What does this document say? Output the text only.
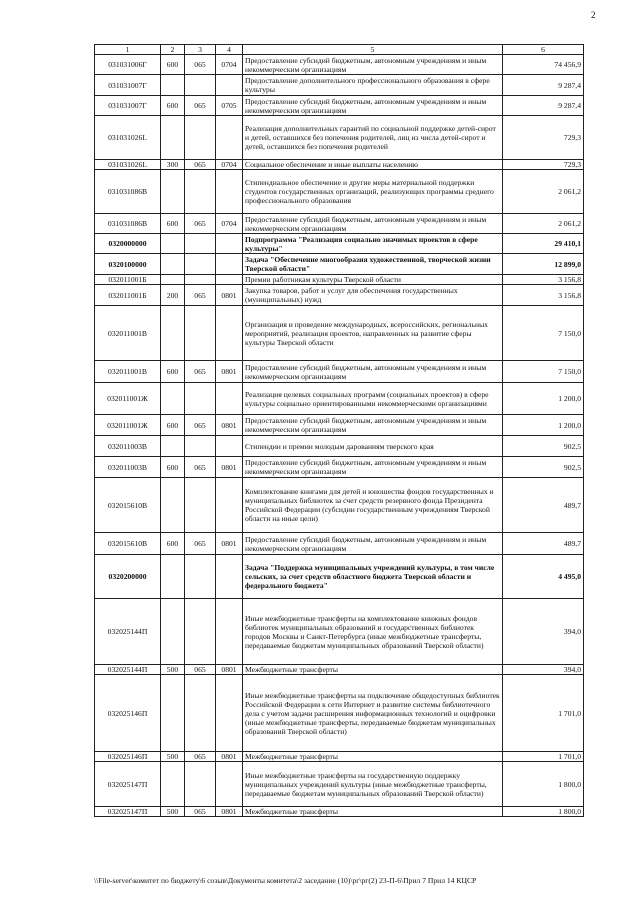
2
1	2	3	4	5	6
031031006Г	600	065	0704	Предоставление субсидий бюджетным, автономным учреждениям и иным некоммерческим организациям	74 456,9
031031007Г				Предоставление дополнительного профессионального образования в сфере культуры	9 287,4
031031007Г	600	065	0705	Предоставление субсидий бюджетным, автономным учреждениям и иным некоммерческим организациям	9 287,4
031031026L				Реализация дополнительных гарантий по социальной поддержке детей-сирот и детей, оставшихся без попечения родителей, лиц из числа детей-сирот и детей, оставшихся без попечения родителей	729,3
031031026L	300	065	0704	Социальное обеспечение и иные выплаты населению	729,3
031031086В				Стипендиальное обеспечение и другие меры материальной поддержки студентов государственных организаций, реализующих программы среднего профессионального образования	2 061,2
031031086В	600	065	0704	Предоставление субсидий бюджетным, автономным учреждениям и иным некоммерческим организациям	2 061,2
0320000000				Подпрограмма "Реализация социально значимых проектов в сфере культуры"	29 410,1
0320100000				Задача "Обеспечение многообразия художественной, творческой жизни Тверской области"	12 899,0
032011001Б				Премии работникам культуры Тверской области	3 156,8
032011001Б	200	065	0801	Закупка товаров, работ и услуг для обеспечения государственных (муниципальных) нужд	3 156,8
032011001В				Организация и проведение международных, всероссийских, региональных мероприятий, реализация проектов, направленных на развитие сферы культуры Тверской области	7 150,0
032011001В	600	065	0801	Предоставление субсидий бюджетным, автономным учреждениям и иным некоммерческим организациям	7 150,0
032011001Ж				Реализация целевых социальных программ (социальных проектов) в сфере культуры социально ориентированными некоммерческими организациями	1 200,0
032011001Ж	600	065	0801	Предоставление субсидий бюджетным, автономным учреждениям и иным некоммерческим организациям	1 200,0
032011003В				Стипендии и премии молодым дарованиям тверского края	902,5
032011003В	600	065	0801	Предоставление субсидий бюджетным, автономным учреждениям и иным некоммерческим организациям	902,5
032015610В				Комплектование книгами для детей и юношества фондов государственных и муниципальных библиотек за счет средств резервного фонда Президента Российской Федерации (субсидии государственным учреждениям Тверской области на иные цели)	489,7
032015610В	600	065	0801	Предоставление субсидий бюджетным, автономным учреждениям и иным некоммерческим организациям	489,7
0320200000				Задача "Поддержка муниципальных учреждений культуры, в том числе сельских, за счет средств областного бюджета Тверской области и федерального бюджета"	4 495,0
032025144П				Иные межбюджетные трансферты на комплектование книжных фондов библиотек муниципальных образований и государственных библиотек городов Москвы и Санкт-Петербурга (иные межбюджетные трансферты, передаваемые бюджетам муниципальных образований Тверской области)	394,0
032025144П	500	065	0801	Межбюджетные трансферты	394,0
032025146П				Иные межбюджетные трансферты на подключение общедоступных библиотек Российской Федерации к сети Интернет и развитие системы библиотечного дела с учетом задачи расширения информационных технологий и оцифровки (иные межбюджетные трансферты, передаваемые бюджетам муниципальных образований Тверской области)	1 701,0
032025146П	500	065	0801	Межбюджетные трансферты	1 701,0
032025147П				Иные межбюджетные трансферты на государственную поддержку муниципальных учреждений культуры (иные межбюджетные трансферты, передаваемые бюджетам муниципальных образований Тверской области)	1 800,0
032025147П	500	065	0801	Межбюджетные трансферты	1 800,0
\\File-server\комитет по бюджету\6 созыв\Документы комитета\2 заседание (10)\рг\рг(2) 23-П-6\Прил 7 Прил 14 КЦСР
